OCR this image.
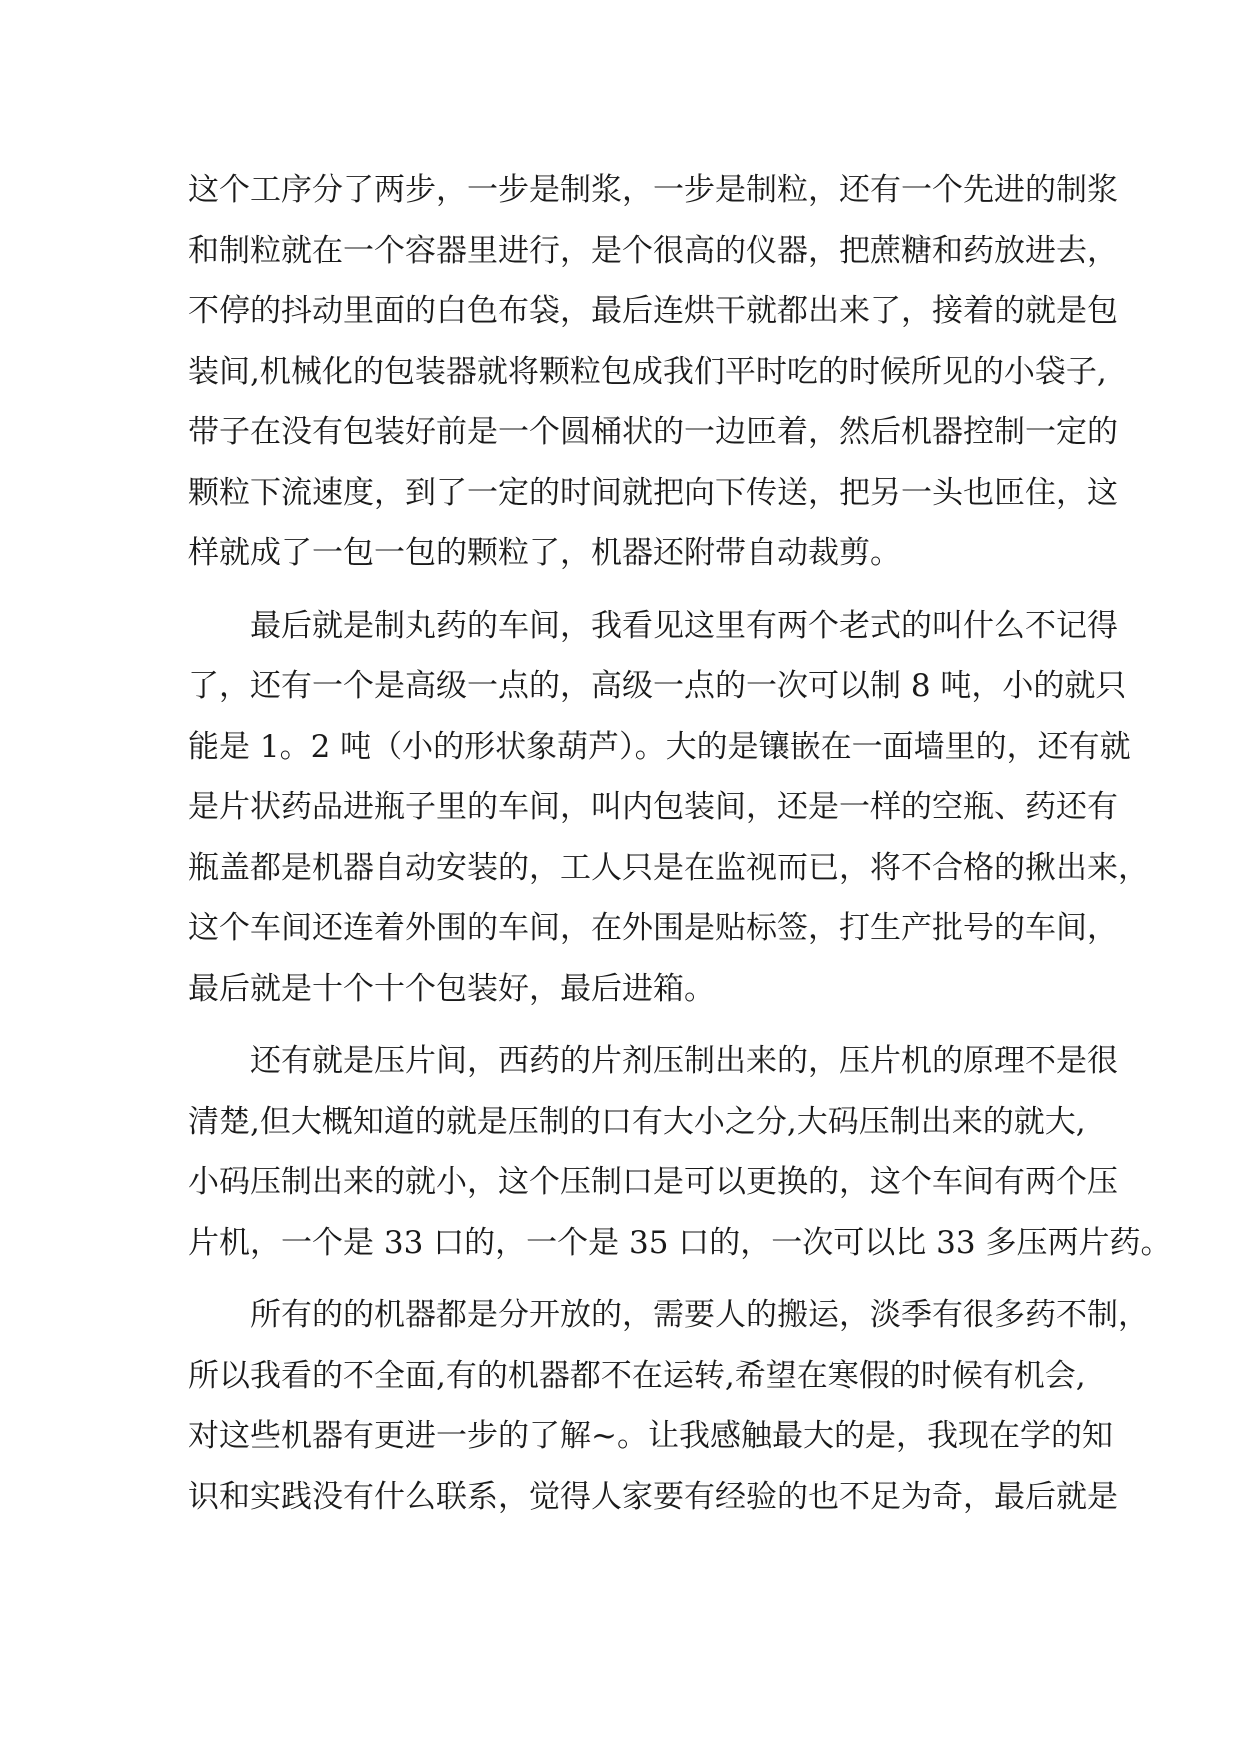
这个工序分了两步，一步是制浆，一步是制粒，还有一个先进的制浆
和制粒就在一个容器里进行，是个很高的仪器，把蔗糖和药放进去，
不停的抖动里面的白色布袋，最后连烘干就都出来了，接着的就是包
装间,机械化的包装器就将颗粒包成我们平时吃的时候所见的小袋子,
带子在没有包装好前是一个圆桶状的一边匝着，然后机器控制一定的
颗粒下流速度，到了一定的时间就把向下传送，把另一头也匝住，这
样就成了一包一包的颗粒了，机器还附带自动裁剪。
　　最后就是制丸药的车间，我看见这里有两个老式的叫什么不记得
了，还有一个是高级一点的，高级一点的一次可以制 8 吨，小的就只
能是 1。2 吨（小的形状象葫芦）。大的是镶嵌在一面墙里的，还有就
是片状药品进瓶子里的车间，叫内包装间，还是一样的空瓶、药还有
瓶盖都是机器自动安装的，工人只是在监视而已，将不合格的揪出来，
这个车间还连着外围的车间，在外围是贴标签，打生产批号的车间，
最后就是十个十个包装好，最后进箱。
　　还有就是压片间，西药的片剂压制出来的，压片机的原理不是很
清楚,但大概知道的就是压制的口有大小之分,大码压制出来的就大,
小码压制出来的就小，这个压制口是可以更换的，这个车间有两个压
片机，一个是 33 口的，一个是 35 口的，一次可以比 33 多压两片药。
　　所有的的机器都是分开放的，需要人的搬运，淡季有很多药不制，
所以我看的不全面,有的机器都不在运转,希望在寒假的时候有机会,
对这些机器有更进一步的了解~。让我感触最大的是，我现在学的知
识和实践没有什么联系，觉得人家要有经验的也不足为奇，最后就是
